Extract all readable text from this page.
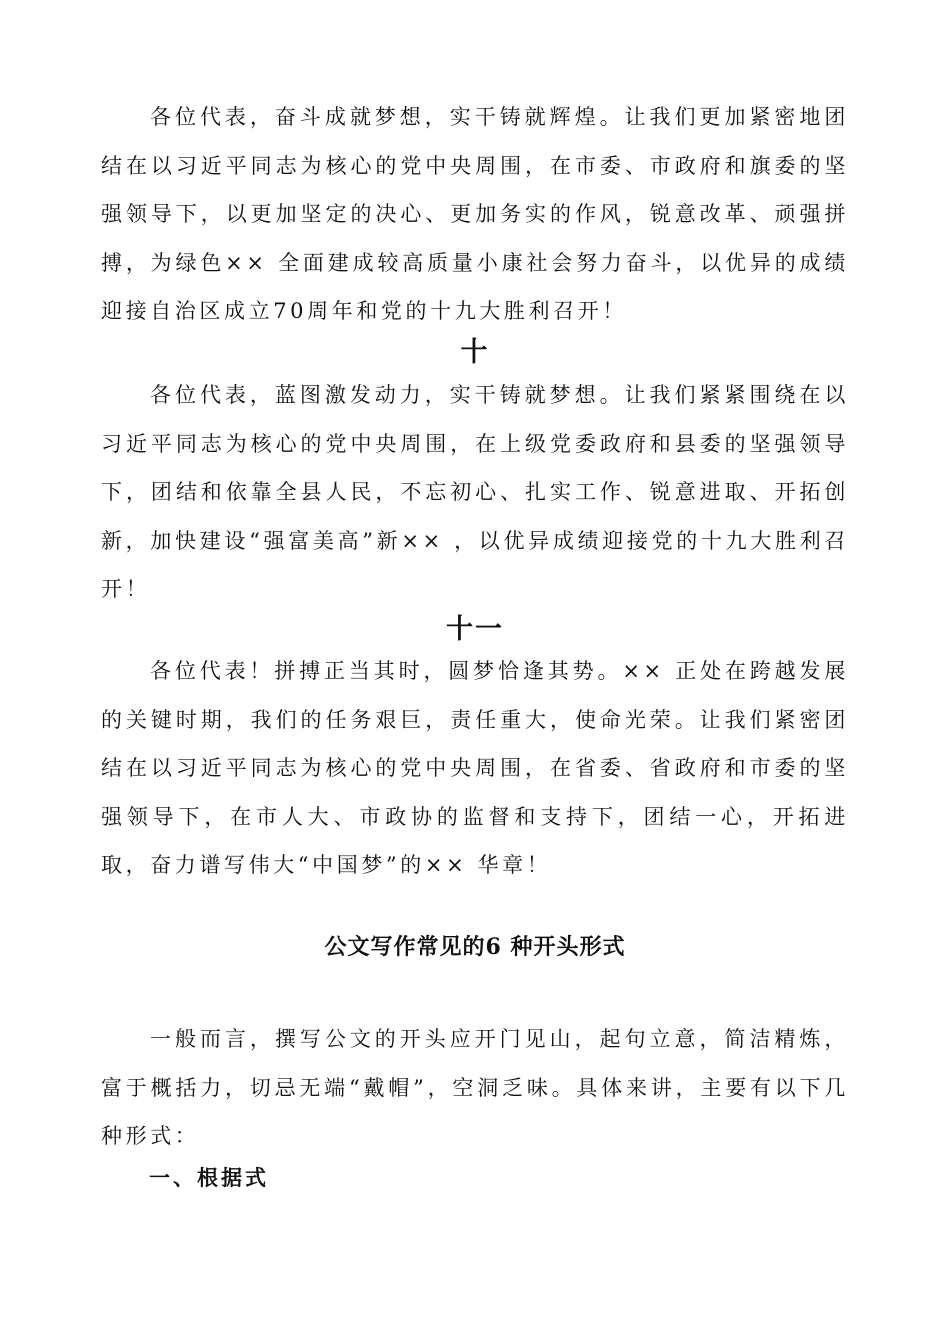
各位代表，奋斗成就梦想，实干铸就辉煌。让我们更加紧密地团结在以习近平同志为核心的党中央周围，在市委、市政府和旗委的坚强领导下，以更加坚定的决心、更加务实的作风，锐意改革、顽强拼搏，为绿色×× 全面建成较高质量小康社会努力奋斗，以优异的成绩迎接自治区成立70周年和党的十九大胜利召开！

十

各位代表，蓝图激发动力，实干铸就梦想。让我们紧紧围绕在以习近平同志为核心的党中央周围，在上级党委政府和县委的坚强领导下，团结和依靠全县人民，不忘初心、扎实工作、锐意进取、开拓创新，加快建设“强富美高”新×× ，以优异成绩迎接党的十九大胜利召开！

十一

各位代表！拼搏正当其时，圆梦恰逢其势。×× 正处在跨越发展的关键时期，我们的任务艰巨，责任重大，使命光荣。让我们紧密团结在以习近平同志为核心的党中央周围，在省委、省政府和市委的坚强领导下，在市人大、市政协的监督和支持下，团结一心，开拓进取，奋力谱写伟大“中国梦”的×× 华章！

公文写作常见的6 种开头形式

一般而言，撰写公文的开头应开门见山，起句立意，简洁精炼，富于概括力，切忌无端“戴帽”，空洞乏味。具体来讲，主要有以下几种形式：

一、根据式
